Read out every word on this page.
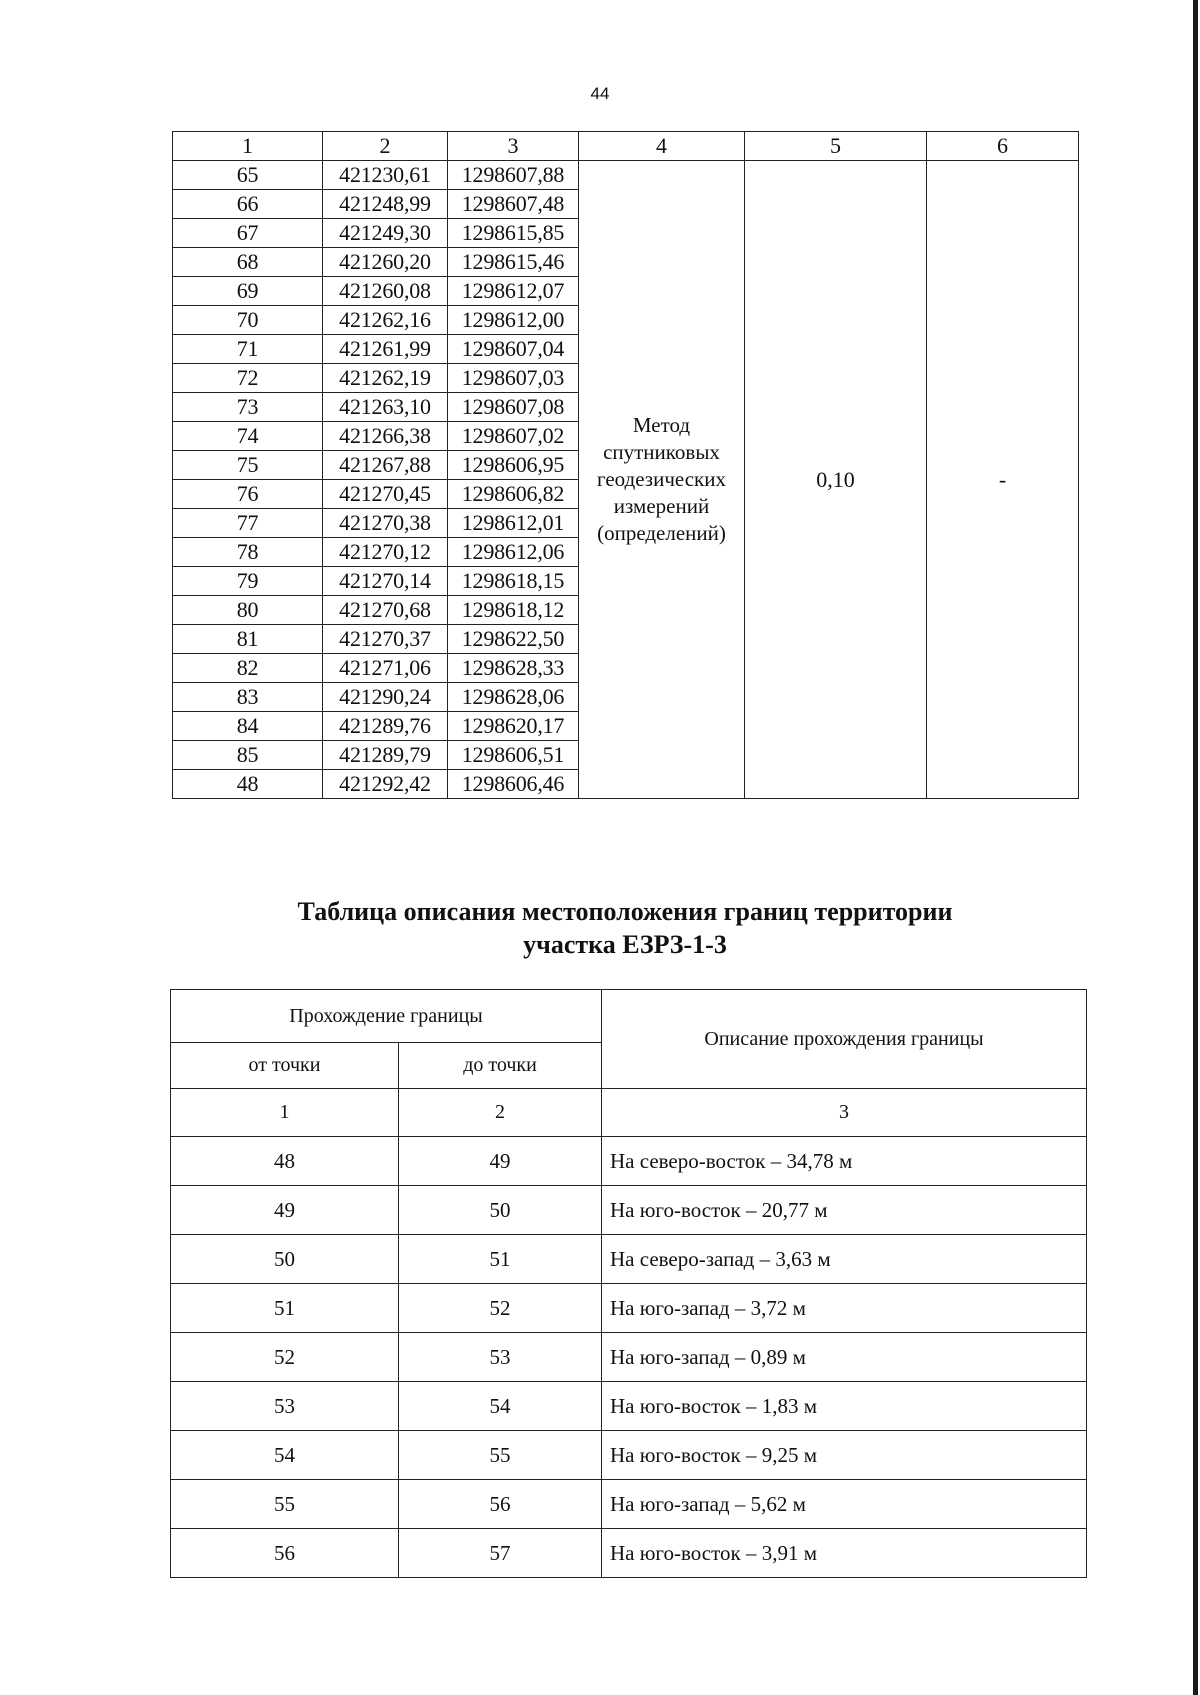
44
1	2	3	4	5	6
65	421230,61	1298607,88	Метод
спутниковых
геодезических
измерений
(определений)	0,10	-
66	421248,99	1298607,48			
67	421249,30	1298615,85			
68	421260,20	1298615,46			
69	421260,08	1298612,07			
70	421262,16	1298612,00			
71	421261,99	1298607,04			
72	421262,19	1298607,03			
73	421263,10	1298607,08			
74	421266,38	1298607,02			
75	421267,88	1298606,95			
76	421270,45	1298606,82			
77	421270,38	1298612,01			
78	421270,12	1298612,06			
79	421270,14	1298618,15			
80	421270,68	1298618,12			
81	421270,37	1298622,50			
82	421271,06	1298628,33			
83	421290,24	1298628,06			
84	421289,76	1298620,17			
85	421289,79	1298606,51			
48	421292,42	1298606,46			
Таблица описания местоположения границ территории
участка ЕЗРЗ-1-3
Прохождение границы		Описание прохождения границы
от точки	до точки	
1	2	3
48	49	На северо-восток – 34,78 м
49	50	На юго-восток – 20,77 м
50	51	На северо-запад – 3,63 м
51	52	На юго-запад – 3,72 м
52	53	На юго-запад – 0,89 м
53	54	На юго-восток – 1,83 м
54	55	На юго-восток – 9,25 м
55	56	На юго-запад – 5,62 м
56	57	На юго-восток – 3,91 м
